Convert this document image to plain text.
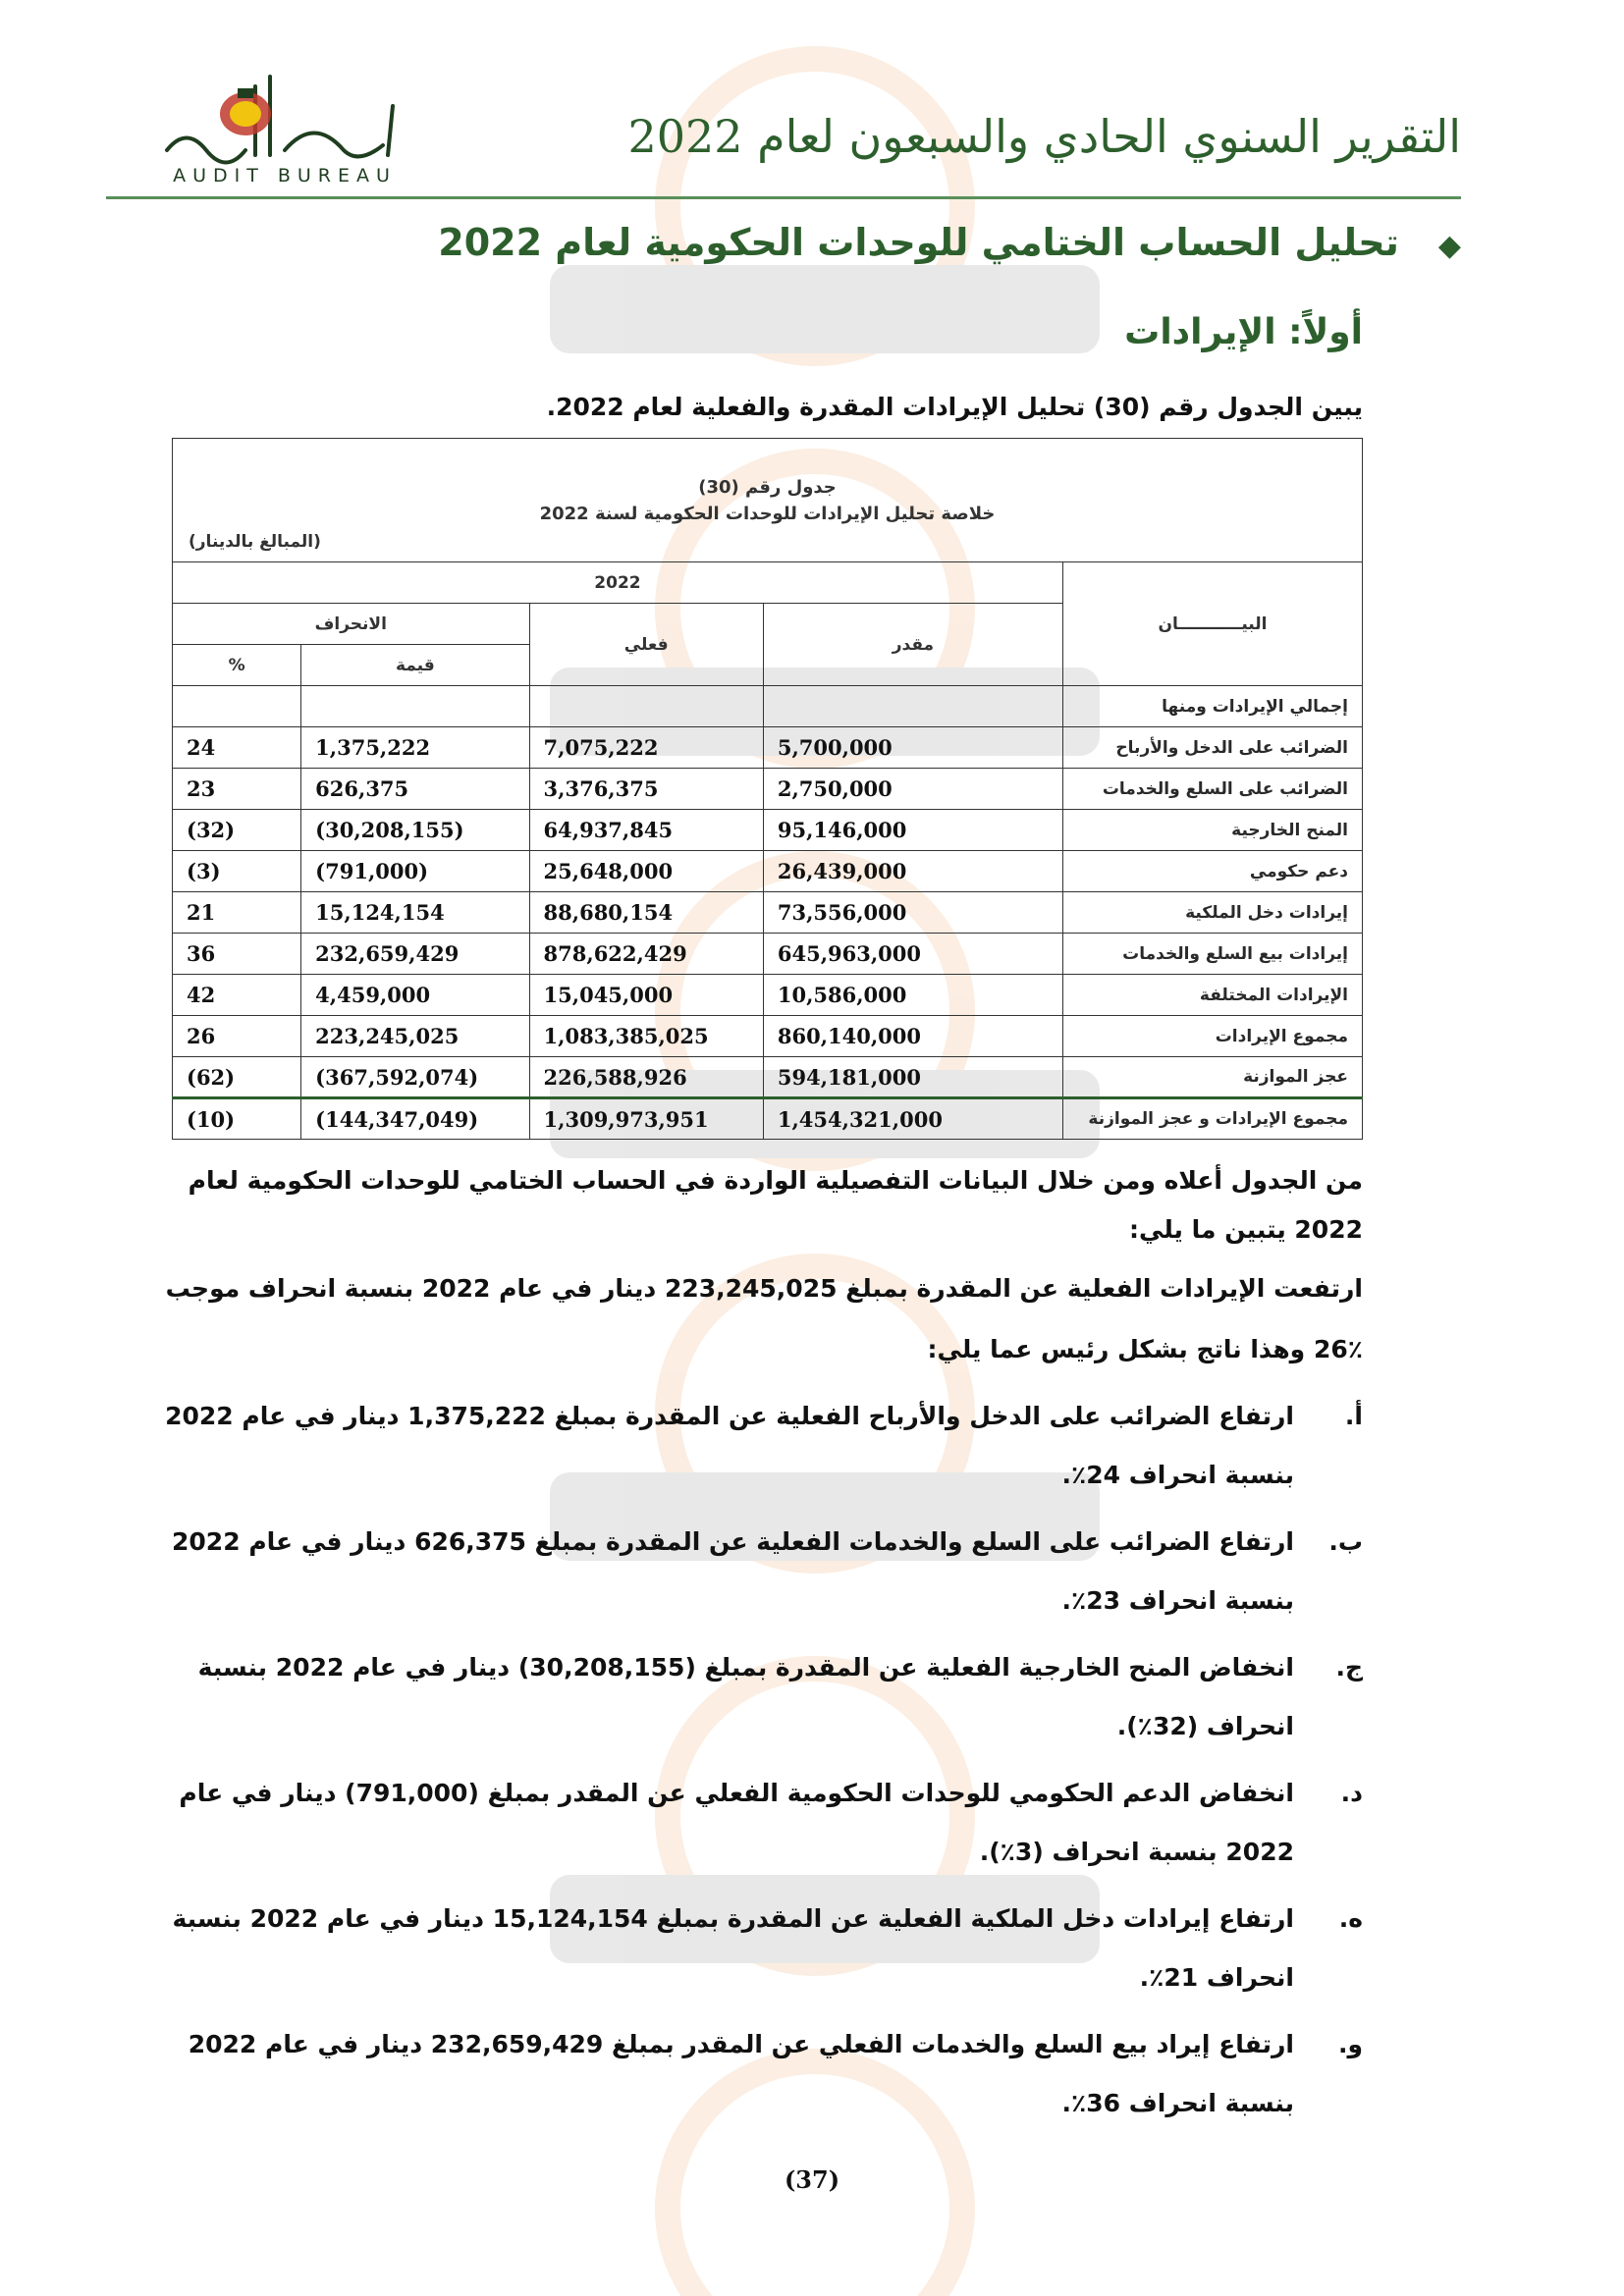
AUDIT BUREAU
التقرير السنوي الحادي والسبعون لعام 2022
◆تحليل الحساب الختامي للوحدات الحكومية لعام 2022
أولاً: الإيرادات
يبين الجدول رقم (30) تحليل الإيرادات المقدرة والفعلية لعام 2022.
جدول رقم (30)
خلاصة تحليل الإيرادات للوحدات الحكومية لسنة 2022
(المبالغ بالدينار)				

البيـــــــــــان	2022			
	مقدر	فعلي	الانحراف	
			قيمة	%
إجمالي الإيرادات ومنها				
الضرائب على الدخل والأرباح	5,700,000	7,075,222	1,375,222	24
الضرائب على السلع والخدمات	2,750,000	3,376,375	626,375	23
المنح الخارجية	95,146,000	64,937,845	(30,208,155)	(32)
دعم حكومي	26,439,000	25,648,000	(791,000)	(3)
إيرادات دخل الملكية	73,556,000	88,680,154	15,124,154	21
إيرادات بيع السلع والخدمات	645,963,000	878,622,429	232,659,429	36
الإيرادات المختلفة	10,586,000	15,045,000	4,459,000	42
مجموع الإيرادات	860,140,000	1,083,385,025	223,245,025	26
عجز الموازنة	594,181,000	226,588,926	(367,592,074)	(62)
مجموع الإيرادات و عجز الموازنة	1,454,321,000	1,309,973,951	(144,347,049)	(10)
من الجدول أعلاه ومن خلال البيانات التفصيلية الواردة في الحساب الختامي للوحدات الحكومية لعام
2022 يتبين ما يلي:
ارتفعت الإيرادات الفعلية عن المقدرة بمبلغ 223,245,025 دينار في عام 2022 بنسبة انحراف موجب
26٪ وهذا ناتج بشكل رئيس عما يلي:
أ.
ارتفاع الضرائب على الدخل والأرباح الفعلية عن المقدرة بمبلغ 1,375,222 دينار في عام 2022
بنسبة انحراف 24٪.
ب.
ارتفاع الضرائب على السلع والخدمات الفعلية عن المقدرة بمبلغ 626,375 دينار في عام 2022
بنسبة انحراف 23٪.
ج.
انخفاض المنح الخارجية الفعلية عن المقدرة بمبلغ (30,208,155) دينار في عام 2022 بنسبة
انحراف (32٪).
د.
انخفاض الدعم الحكومي للوحدات الحكومية الفعلي عن المقدر بمبلغ (791,000) دينار في عام
2022 بنسبة انحراف (3٪).
ه.
ارتفاع إيرادات دخل الملكية الفعلية عن المقدرة بمبلغ 15,124,154 دينار في عام 2022 بنسبة
انحراف 21٪.
و.
ارتفاع إيراد بيع السلع والخدمات الفعلي عن المقدر بمبلغ 232,659,429 دينار في عام 2022
بنسبة انحراف 36٪.
(37)
